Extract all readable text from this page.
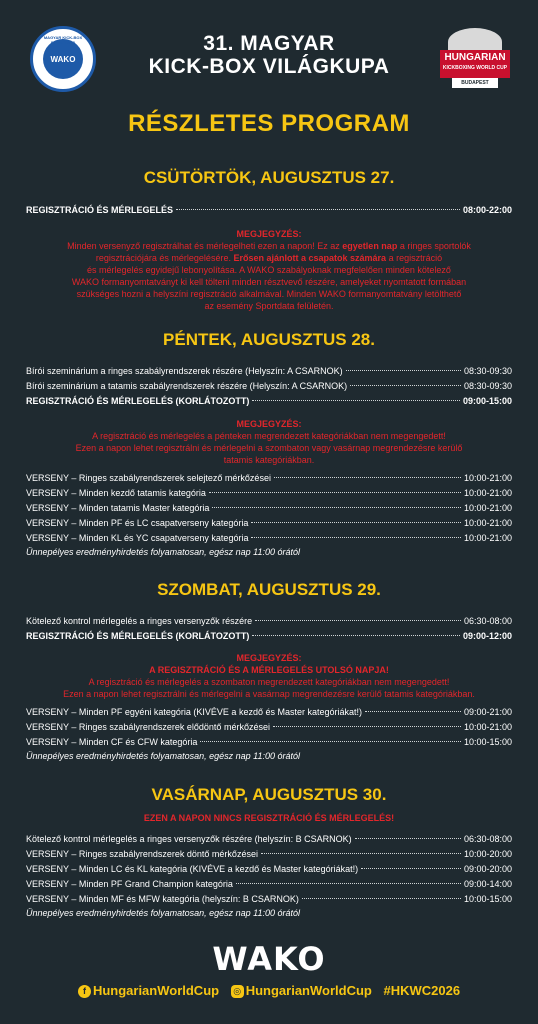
MAGYAR KICK-BOX SZÖVETSÉG
WAKO
31. MAGYAR
KICK-BOX VILÁGKUPA	HUNGARIAN
KICKBOXING WORLD CUP
BUDAPEST
RÉSZLETES PROGRAM
CSÜTÖRTÖK, AUGUSZTUS 27.
REGISZTRÁCIÓ ÉS MÉRLEGELÉS	08:00-22:00
MEGJEGYZÉS:
Minden versenyző regisztrálhat és mérlegelheti ezen a napon! Ez az egyetlen nap a ringes sportolók
regisztrációjára és mérlegelésére. Erősen ajánlott a csapatok számára a regisztráció
és mérlegelés egyidejű lebonyolítása. A WAKO szabályoknak megfelelően minden kötelező
WAKO formanyomtatványt ki kell tölteni minden résztvevő részére, amelyeket nyomtatott formában
szükséges hozni a helyszíni regisztráció alkalmával. Minden WAKO formanyomtatvány letölthető
az esemény Sportdata felületén.
PÉNTEK, AUGUSZTUS 28.
Bírói szeminárium a ringes szabályrendszerek részére (Helyszín: A CSARNOK)	08:30-09:30
Bírói szeminárium a tatamis szabályrendszerek részére (Helyszín: A CSARNOK)	08:30-09:30
REGISZTRÁCIÓ ÉS MÉRLEGELÉS (KORLÁTOZOTT)	09:00-15:00
MEGJEGYZÉS:
A regisztráció és mérlegelés a pénteken megrendezett kategóriákban nem megengedett!
Ezen a napon lehet regisztrálni és mérlegelni a szombaton vagy vasárnap megrendezésre kerülő
tatamis kategóriákban.
VERSENY – Ringes szabályrendszerek selejtező mérkőzései	10:00-21:00
VERSENY – Minden kezdő tatamis kategória	10:00-21:00
VERSENY – Minden tatamis Master kategória	10:00-21:00
VERSENY – Minden PF és LC csapatverseny kategória	10:00-21:00
VERSENY – Minden KL és YC csapatverseny kategória	10:00-21:00
Ünnepélyes eredményhirdetés folyamatosan, egész nap 11:00 órától
SZOMBAT, AUGUSZTUS 29.
Kötelező kontrol mérlegelés a ringes versenyzők részére	06:30-08:00
REGISZTRÁCIÓ ÉS MÉRLEGELÉS (KORLÁTOZOTT)	09:00-12:00
MEGJEGYZÉS:
A REGISZTRÁCIÓ ÉS A MÉRLEGELÉS UTOLSÓ NAPJA!
A regisztráció és mérlegelés a szombaton megrendezett kategóriákban nem megengedett!
Ezen a napon lehet regisztrálni és mérlegelni a vasárnap megrendezésre kerülő tatamis kategóriákban.
VERSENY – Minden PF egyéni kategória (KIVÉVE a kezdő és Master kategóriákat!)	09:00-21:00
VERSENY – Ringes szabályrendszerek elődöntő mérkőzései	10:00-21:00
VERSENY – Minden CF és CFW kategória	10:00-15:00
Ünnepélyes eredményhirdetés folyamatosan, egész nap 11:00 órától
VASÁRNAP, AUGUSZTUS 30.
EZEN A NAPON NINCS REGISZTRÁCIÓ ÉS MÉRLEGELÉS!
Kötelező kontrol mérlegelés a ringes versenyzők részére (helyszín: B CSARNOK)	06:30-08:00
VERSENY – Ringes szabályrendszerek döntő mérkőzései	10:00-20:00
VERSENY – Minden LC és KL kategória (KIVÉVE a kezdő és Master kategóriákat!)	09:00-20:00
VERSENY – Minden PF Grand Champion kategória	09:00-14:00
VERSENY – Minden MF és MFW kategória (helyszín: B CSARNOK)	10:00-15:00
Ünnepélyes eredményhirdetés folyamatosan, egész nap 11:00 órától
WAKO
f HungarianWorldCup ◎ HungarianWorldCup #HKWC2026
